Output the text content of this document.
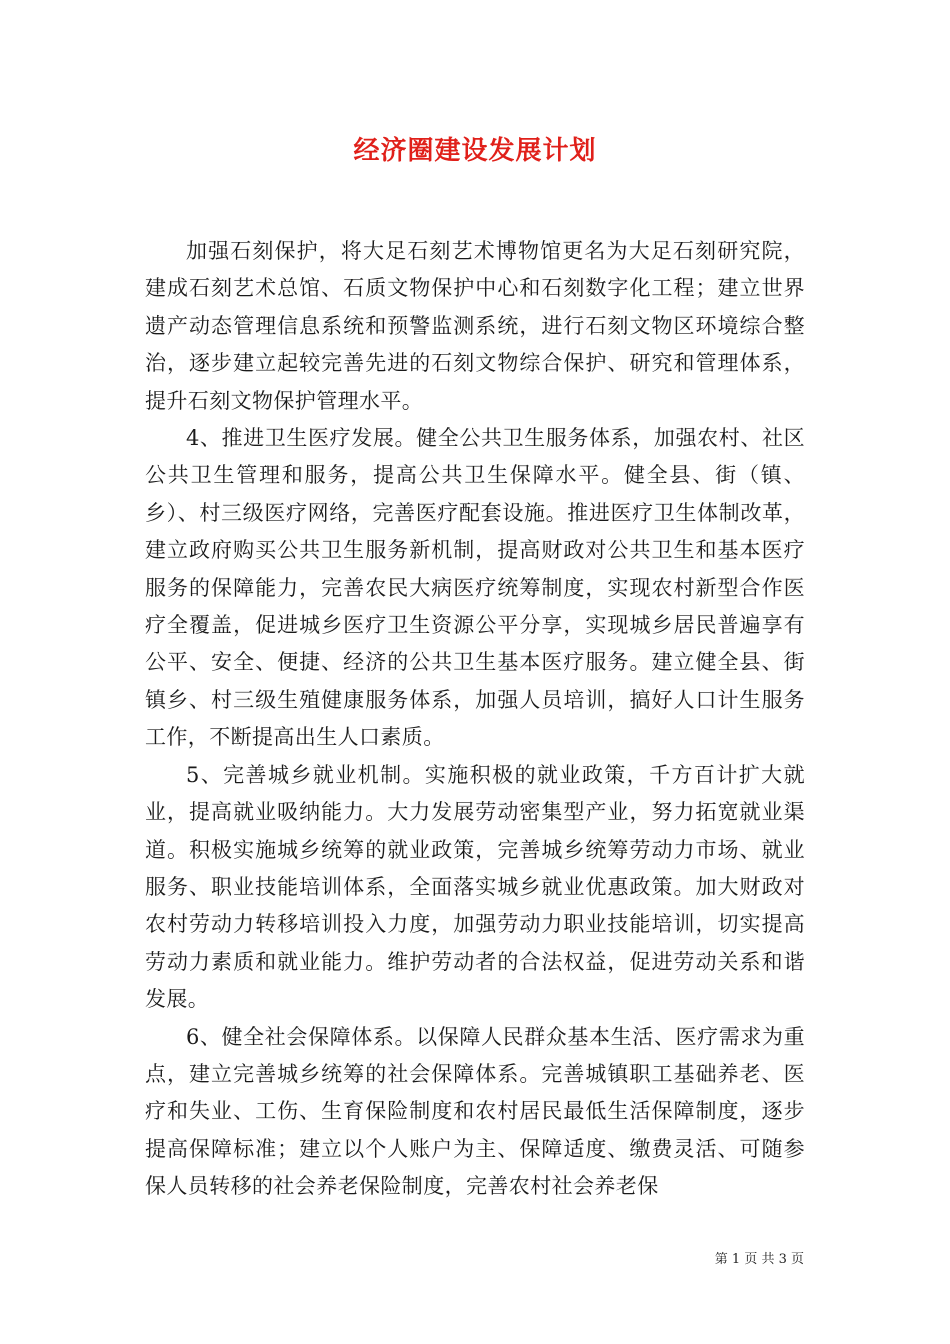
经济圈建设发展计划

加强石刻保护，将大足石刻艺术博物馆更名为大足石刻研究院，建成石刻艺术总馆、石质文物保护中心和石刻数字化工程；建立世界遗产动态管理信息系统和预警监测系统，进行石刻文物区环境综合整治，逐步建立起较完善先进的石刻文物综合保护、研究和管理体系，提升石刻文物保护管理水平。

4、推进卫生医疗发展。健全公共卫生服务体系，加强农村、社区公共卫生管理和服务，提高公共卫生保障水平。健全县、街（镇、乡）、村三级医疗网络，完善医疗配套设施。推进医疗卫生体制改革，建立政府购买公共卫生服务新机制，提高财政对公共卫生和基本医疗服务的保障能力，完善农民大病医疗统筹制度，实现农村新型合作医疗全覆盖，促进城乡医疗卫生资源公平分享，实现城乡居民普遍享有公平、安全、便捷、经济的公共卫生基本医疗服务。建立健全县、街镇乡、村三级生殖健康服务体系，加强人员培训，搞好人口计生服务工作，不断提高出生人口素质。

5、完善城乡就业机制。实施积极的就业政策，千方百计扩大就业，提高就业吸纳能力。大力发展劳动密集型产业，努力拓宽就业渠道。积极实施城乡统筹的就业政策，完善城乡统筹劳动力市场、就业服务、职业技能培训体系，全面落实城乡就业优惠政策。加大财政对农村劳动力转移培训投入力度，加强劳动力职业技能培训，切实提高劳动力素质和就业能力。维护劳动者的合法权益，促进劳动关系和谐发展。

6、健全社会保障体系。以保障人民群众基本生活、医疗需求为重点，建立完善城乡统筹的社会保障体系。完善城镇职工基础养老、医疗和失业、工伤、生育保险制度和农村居民最低生活保障制度，逐步提高保障标准；建立以个人账户为主、保障适度、缴费灵活、可随参保人员转移的社会养老保险制度，完善农村社会养老保

第 1 页 共 3 页
